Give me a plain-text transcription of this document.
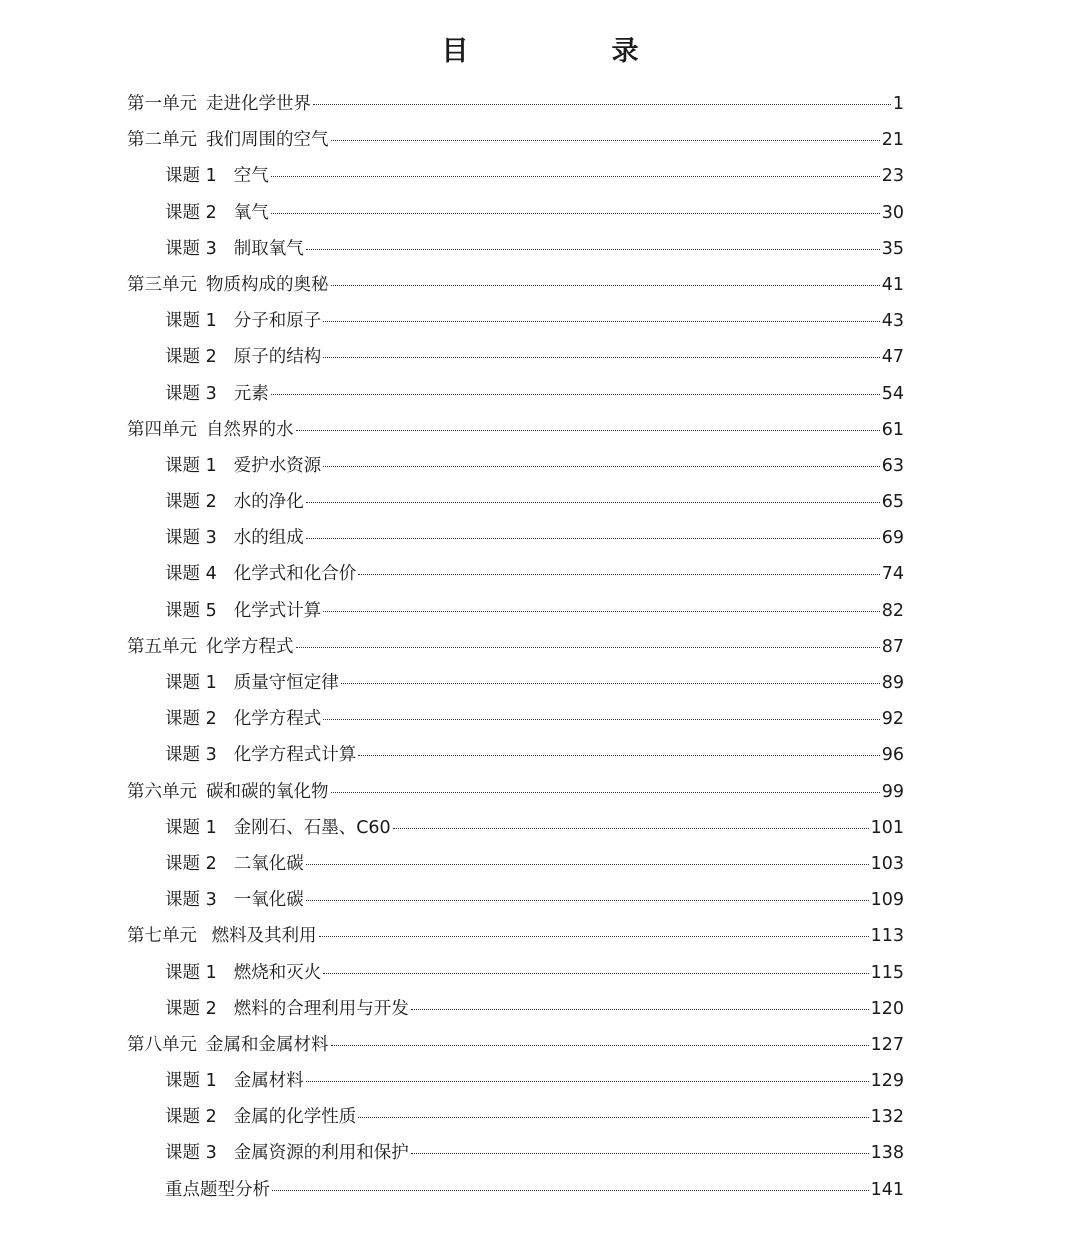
目　录
第一单元 走进化学世界	1
第二单元 我们周围的空气	21
课题 1 空气	23
课题 2 氧气	30
课题 3 制取氧气	35
第三单元 物质构成的奥秘	41
课题 1 分子和原子	43
课题 2 原子的结构	47
课题 3 元素	54
第四单元 自然界的水	61
课题 1 爱护水资源	63
课题 2 水的净化	65
课题 3 水的组成	69
课题 4 化学式和化合价	74
课题 5 化学式计算	82
第五单元 化学方程式	87
课题 1 质量守恒定律	89
课题 2 化学方程式	92
课题 3 化学方程式计算	96
第六单元 碳和碳的氧化物	99
课题 1 金刚石、石墨、C60	101
课题 2 二氧化碳	103
课题 3 一氧化碳	109
第七单元 燃料及其利用	113
课题 1 燃烧和灭火	115
课题 2 燃料的合理利用与开发	120
第八单元 金属和金属材料	127
课题 1 金属材料	129
课题 2 金属的化学性质	132
课题 3 金属资源的利用和保护	138
重点题型分析	141
